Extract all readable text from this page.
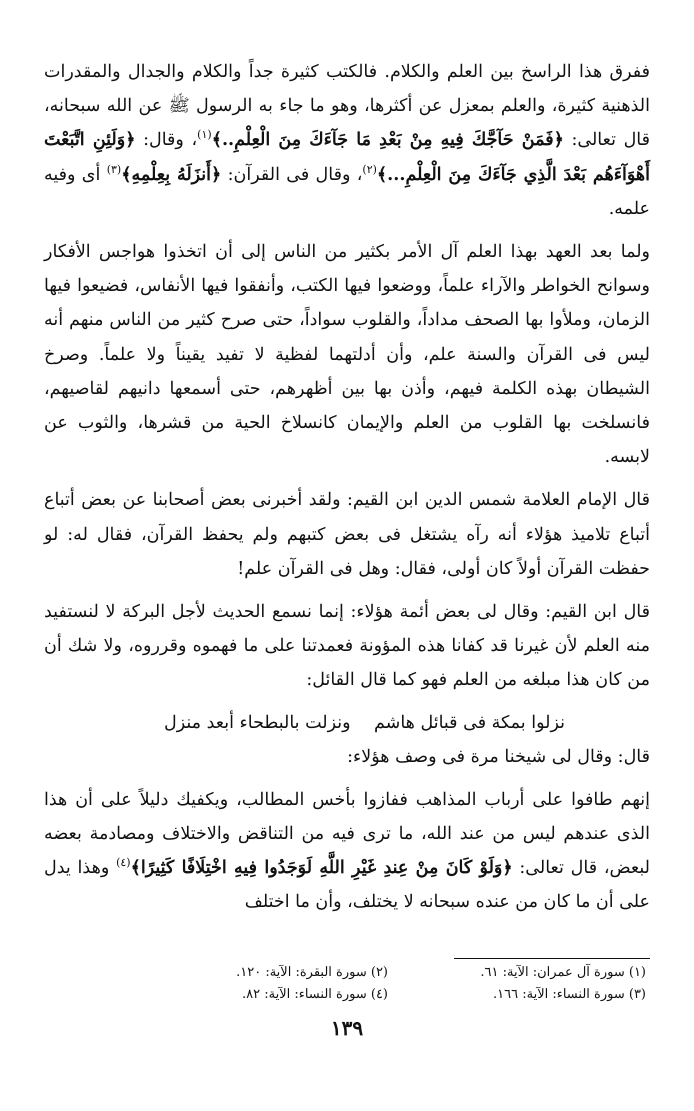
ففرق هذا الراسخ بين العلم والكلام. فالكتب كثيرة جداً والكلام والجدال والمقدرات الذهنية كثيرة، والعلم بمعزل عن أكثرها، وهو ما جاء به الرسول ﷺ عن الله سبحانه، قال تعالى: ﴿فَمَنْ حَآجَّكَ فِيهِ مِنْ بَعْدِ مَا جَآءَكَ مِنَ الْعِلْمِ..﴾$^{(١)}$، وقال: ﴿وَلَئِنِ اتَّبَعْتَ أَهْوَآءَهُم بَعْدَ الَّذِي جَآءَكَ مِنَ الْعِلْمِ...﴾$^{(٢)}$، وقال فى القرآن: ﴿أَنزَلَهُ بِعِلْمِهِ﴾$^{(٣)}$ أى وفيه علمه.

ولما بعد العهد بهذا العلم آل الأمر بكثير من الناس إلى أن اتخذوا هواجس الأفكار وسوانح الخواطر والآراء علماً، ووضعوا فيها الكتب، وأنفقوا فيها الأنفاس، فضيعوا فيها الزمان، وملأوا بها الصحف مداداً، والقلوب سواداً، حتى صرح كثير من الناس منهم أنه ليس فى القرآن والسنة علم، وأن أدلتهما لفظية لا تفيد يقيناً ولا علماً. وصرخ الشيطان بهذه الكلمة فيهم، وأذن بها بين أظهرهم، حتى أسمعها دانيهم لقاصيهم، فانسلخت بها القلوب من العلم والإيمان كانسلاخ الحية من قشرها، والثوب عن لابسه.

قال الإمام العلامة شمس الدين ابن القيم: ولقد أخبرنى بعض أصحابنا عن بعض أتباع أتباع تلاميذ هؤلاء أنه رآه يشتغل فى بعض كتبهم ولم يحفظ القرآن، فقال له: لو حفظت القرآن أولاً كان أولى، فقال: وهل فى القرآن علم!

قال ابن القيم: وقال لى بعض أئمة هؤلاء: إنما نسمع الحديث لأجل البركة لا لنستفيد منه العلم لأن غيرنا قد كفانا هذه المؤونة فعمدتنا على ما فهموه وقرروه، ولا شك أن من كان هذا مبلغه من العلم فهو كما قال القائل:

نزلوا بمكة فى قبائل هاشم
ونزلت بالبطحاء أبعد منزل

قال: وقال لى شيخنا مرة فى وصف هؤلاء:

إنهم طافوا على أرباب المذاهب ففازوا بأخس المطالب، ويكفيك دليلاً على أن هذا الذى عندهم ليس من عند الله، ما ترى فيه من التناقض والاختلاف ومصادمة بعضه لبعض، قال تعالى: ﴿وَلَوْ كَانَ مِنْ عِندِ غَيْرِ اللَّهِ لَوَجَدُوا فِيهِ اخْتِلَافًا كَثِيرًا﴾$^{(٤)}$ وهذا يدل على أن ما كان من عنده سبحانه لا يختلف، وأن ما اختلف

(١) سورة آل عمران: الآية: ٦١.
(٢) سورة البقرة: الآية: ١٢٠.
(٣) سورة النساء: الآية: ١٦٦.
(٤) سورة النساء: الآية: ٨٢.
١٣٩
